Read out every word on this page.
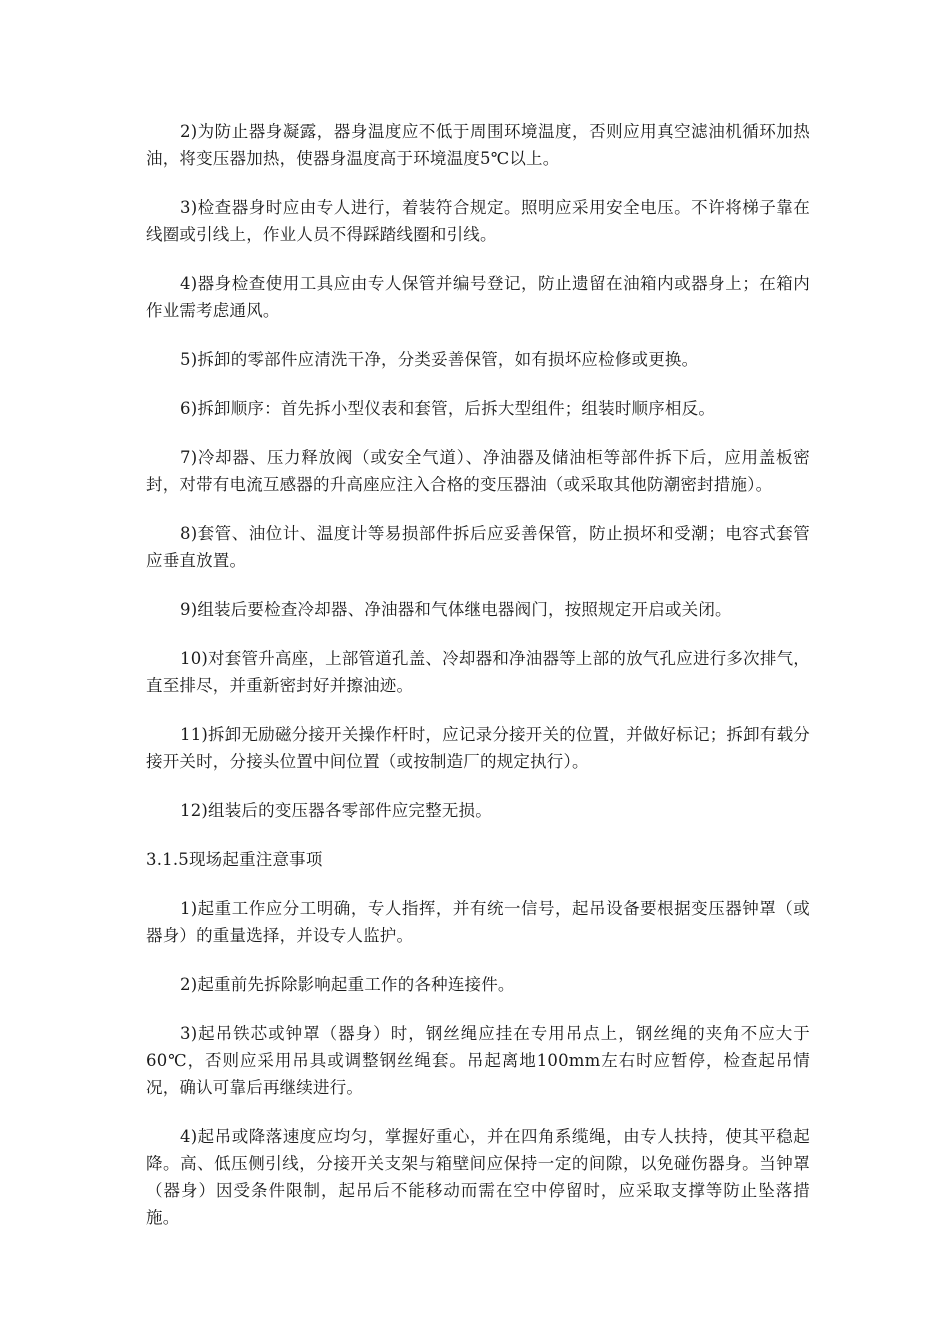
2)为防止器身凝露，器身温度应不低于周围环境温度，否则应用真空滤油机循环加热油，将变压器加热，使器身温度高于环境温度5℃以上。

3)检查器身时应由专人进行，着装符合规定。照明应采用安全电压。不许将梯子靠在线圈或引线上，作业人员不得踩踏线圈和引线。

4)器身检查使用工具应由专人保管并编号登记，防止遗留在油箱内或器身上；在箱内作业需考虑通风。

5)拆卸的零部件应清洗干净，分类妥善保管，如有损坏应检修或更换。

6)拆卸顺序：首先拆小型仪表和套管，后拆大型组件；组装时顺序相反。

7)冷却器、压力释放阀（或安全气道）、净油器及储油柜等部件拆下后，应用盖板密封，对带有电流互感器的升高座应注入合格的变压器油（或采取其他防潮密封措施）。

8)套管、油位计、温度计等易损部件拆后应妥善保管，防止损坏和受潮；电容式套管应垂直放置。

9)组装后要检查冷却器、净油器和气体继电器阀门，按照规定开启或关闭。

10)对套管升高座，上部管道孔盖、冷却器和净油器等上部的放气孔应进行多次排气，直至排尽，并重新密封好并擦油迹。

11)拆卸无励磁分接开关操作杆时，应记录分接开关的位置，并做好标记；拆卸有载分接开关时，分接头位置中间位置（或按制造厂的规定执行）。

12)组装后的变压器各零部件应完整无损。

3.1.5现场起重注意事项

1)起重工作应分工明确，专人指挥，并有统一信号，起吊设备要根据变压器钟罩（或器身）的重量选择，并设专人监护。

2)起重前先拆除影响起重工作的各种连接件。

3)起吊铁芯或钟罩（器身）时，钢丝绳应挂在专用吊点上，钢丝绳的夹角不应大于60℃，否则应采用吊具或调整钢丝绳套。吊起离地100mm左右时应暂停，检查起吊情况，确认可靠后再继续进行。

4)起吊或降落速度应均匀，掌握好重心，并在四角系缆绳，由专人扶持，使其平稳起降。高、低压侧引线，分接开关支架与箱壁间应保持一定的间隙，以免碰伤器身。当钟罩（器身）因受条件限制，起吊后不能移动而需在空中停留时，应采取支撑等防止坠落措施。
